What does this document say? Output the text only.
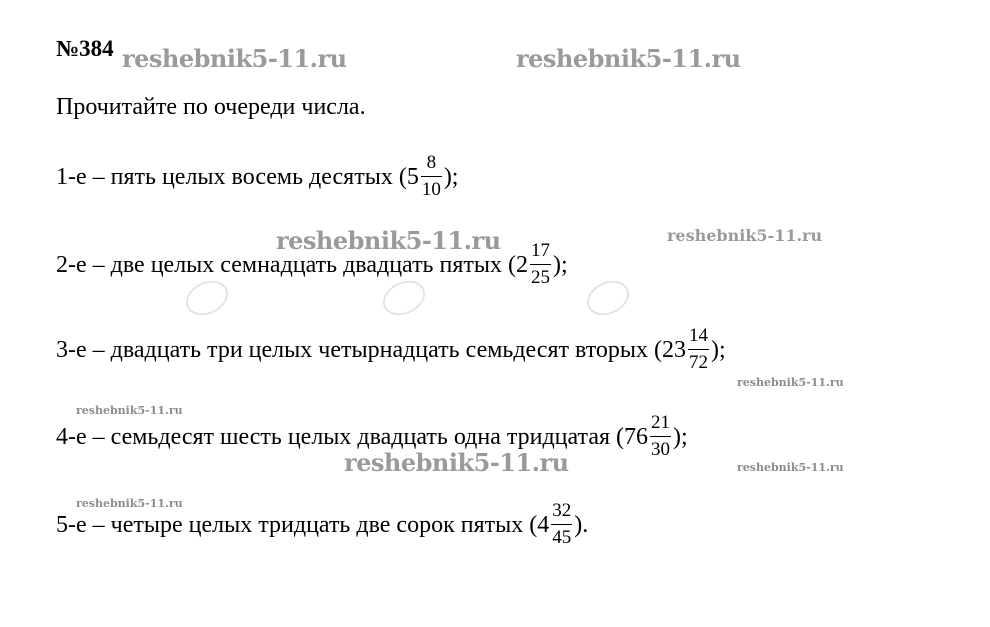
№384 reshebnik5-11.ru	reshebnik5-11.ru
reshebnik5-11.ru	reshebnik5-11.ru
reshebnik5-11.ru
reshebnik5-11.ru
reshebnik5-11.ru	reshebnik5-11.ru
reshebnik5-11.ru
Прочитайте по очереди числа.
1-е – пять целых восемь десятых ($5 \frac{8}{10}$ );
2-е – две целых семнадцать двадцать пятых ($2 \frac{17}{25}$ );
3-е – двадцать три целых четырнадцать семьдесят вторых ($23 \frac{14}{72}$ );
4-е – семьдесят шесть целых двадцать одна тридцатая ($76 \frac{21}{30}$ );
5-е – четыре целых тридцать две сорок пятых ($4 \frac{32}{45}$ ).
